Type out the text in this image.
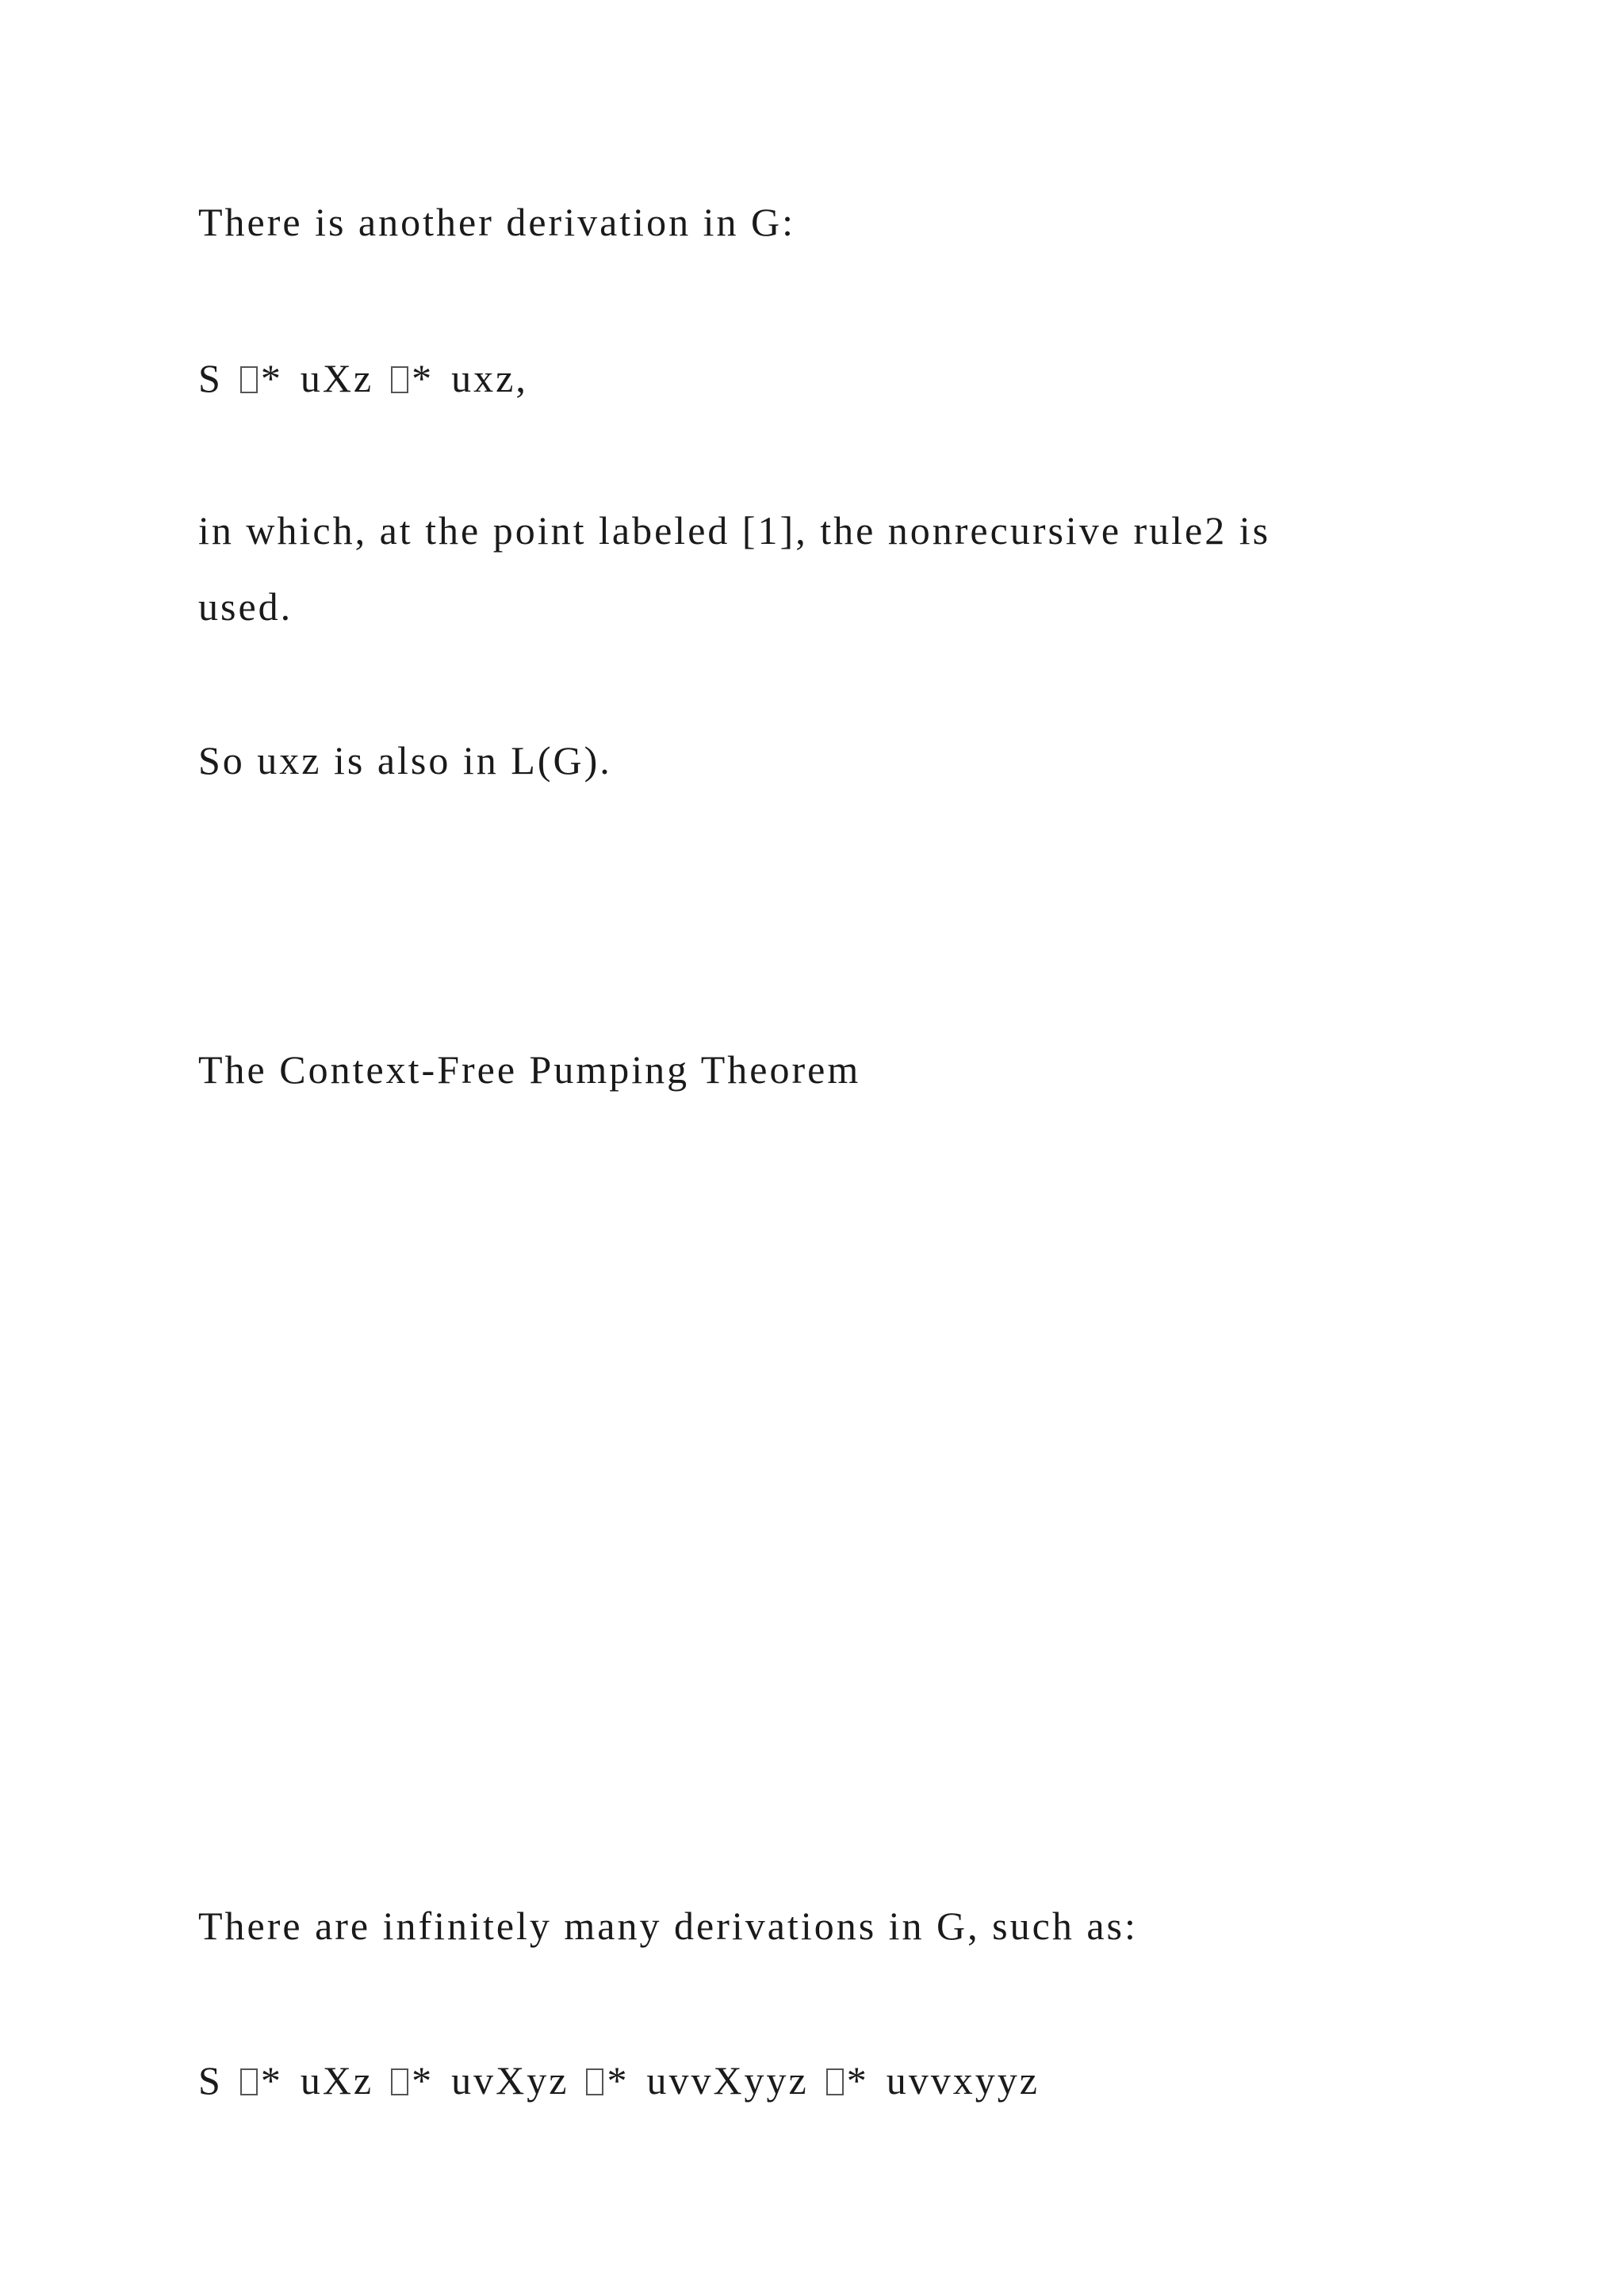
There is another derivation in G:

S * uXz * uxz,

in which, at the point labeled [1], the nonrecursive rule2 is

used.

So uxz is also in L(G).

The Context-Free Pumping Theorem

There are infinitely many derivations in G, such as:

S * uXz * uvXyz * uvvXyyz * uvvxyyz
